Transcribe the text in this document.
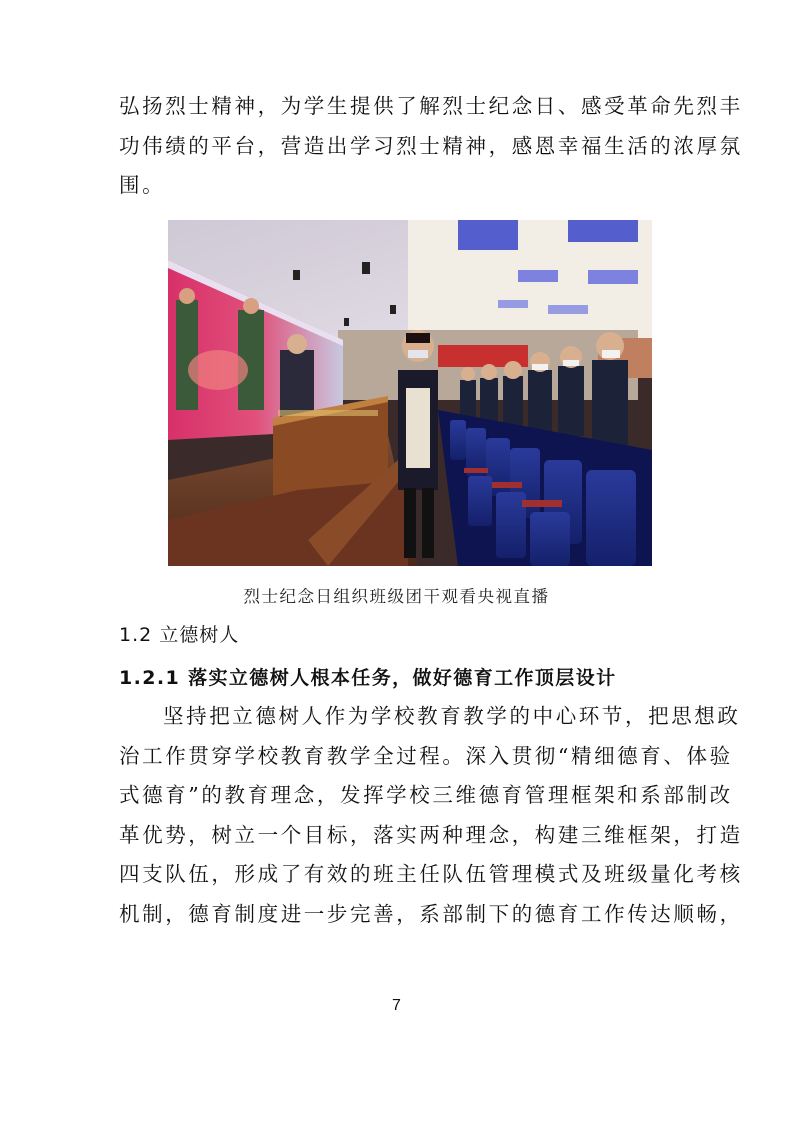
弘扬烈士精神，为学生提供了解烈士纪念日、感受革命先烈丰
功伟绩的平台，营造出学习烈士精神，感恩幸福生活的浓厚氛
围。
烈士纪念日组织班级团干观看央视直播
1.2 立德树人
1.2.1 落实立德树人根本任务，做好德育工作顶层设计
坚持把立德树人作为学校教育教学的中心环节，把思想政
治工作贯穿学校教育教学全过程。深入贯彻“精细德育、体验
式德育”的教育理念，发挥学校三维德育管理框架和系部制改
革优势，树立一个目标，落实两种理念，构建三维框架，打造
四支队伍，形成了有效的班主任队伍管理模式及班级量化考核
机制，德育制度进一步完善，系部制下的德育工作传达顺畅，
7
